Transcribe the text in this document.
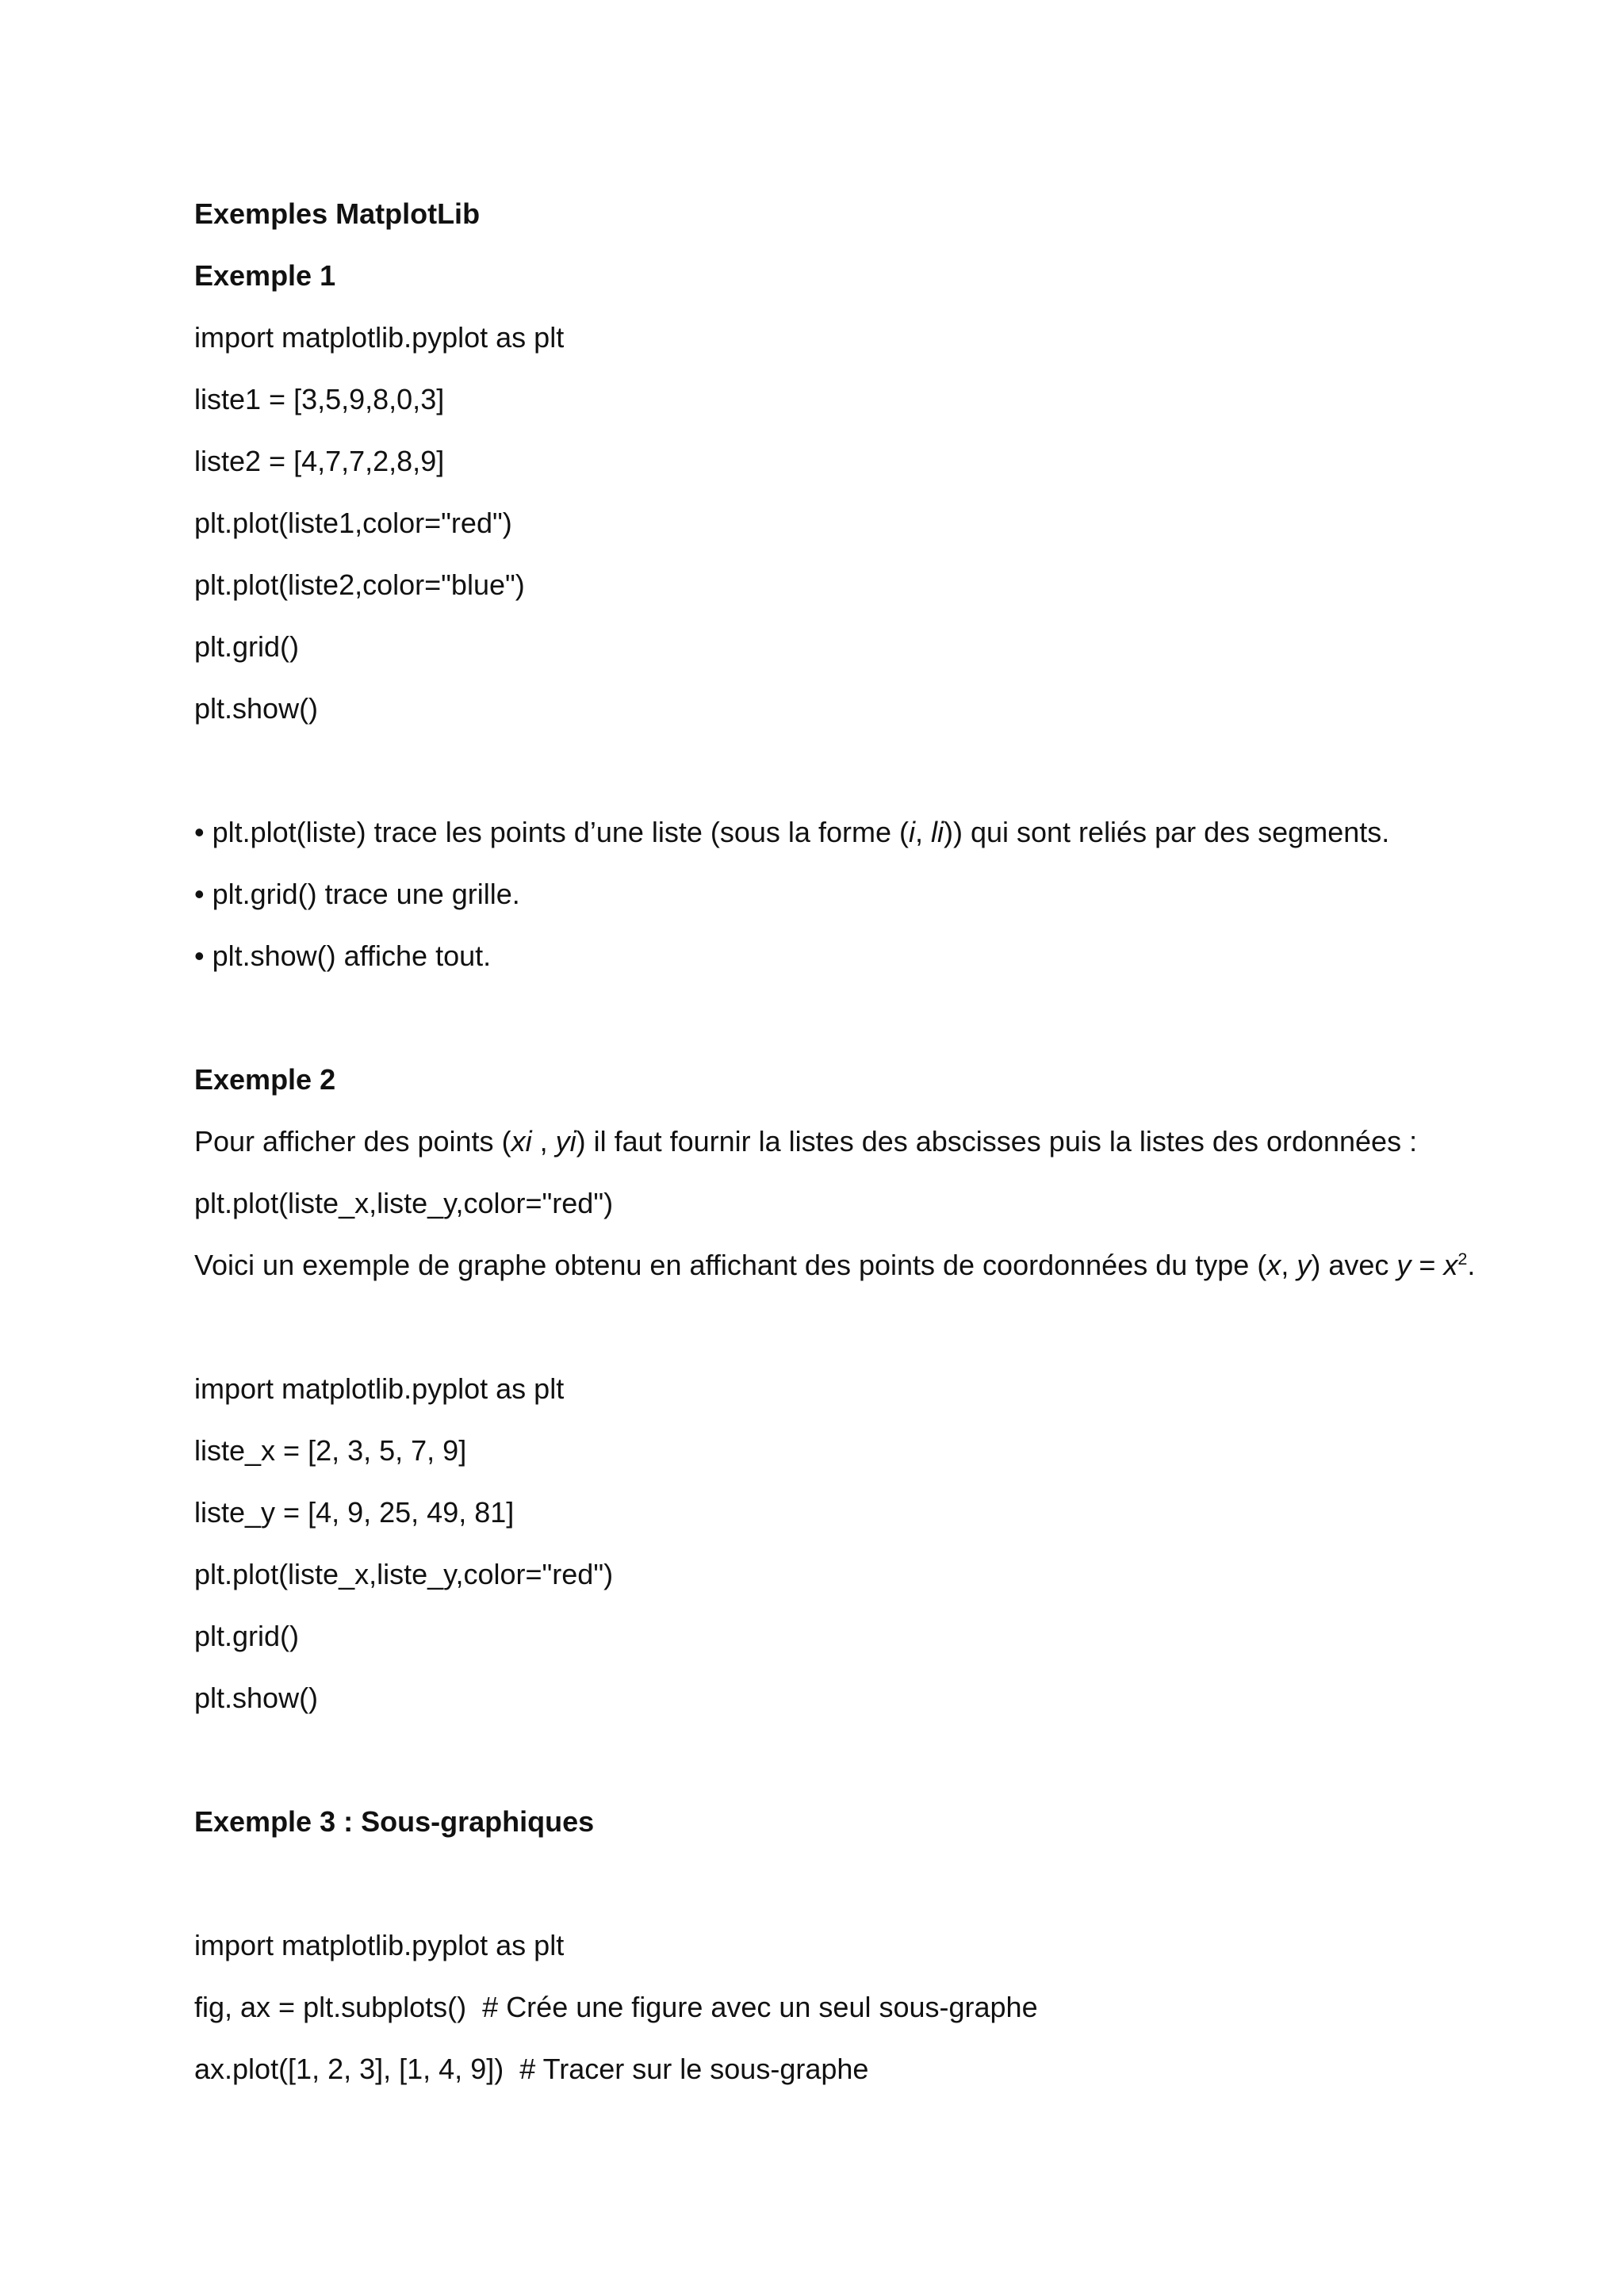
Exemples MatplotLib
Exemple 1
import matplotlib.pyplot as plt
liste1 = [3,5,9,8,0,3]
liste2 = [4,7,7,2,8,9]
plt.plot(liste1,color="red")
plt.plot(liste2,color="blue")
plt.grid()
plt.show()
• plt.plot(liste) trace les points d’une liste (sous la forme (i, li)) qui sont reliés par des segments.
• plt.grid() trace une grille.
• plt.show() affiche tout.
Exemple 2
Pour afficher des points (xi , yi) il faut fournir la listes des abscisses puis la listes des ordonnées :
plt.plot(liste_x,liste_y,color="red")
Voici un exemple de graphe obtenu en affichant des points de coordonnées du type (x, y) avec $y = x^2$.
import matplotlib.pyplot as plt
liste_x = [2, 3, 5, 7, 9]
liste_y = [4, 9, 25, 49, 81]
plt.plot(liste_x,liste_y,color="red")
plt.grid()
plt.show()
Exemple 3 : Sous-graphiques
import matplotlib.pyplot as plt
fig, ax = plt.subplots()  # Crée une figure avec un seul sous-graphe
ax.plot([1, 2, 3], [1, 4, 9])  # Tracer sur le sous-graphe
